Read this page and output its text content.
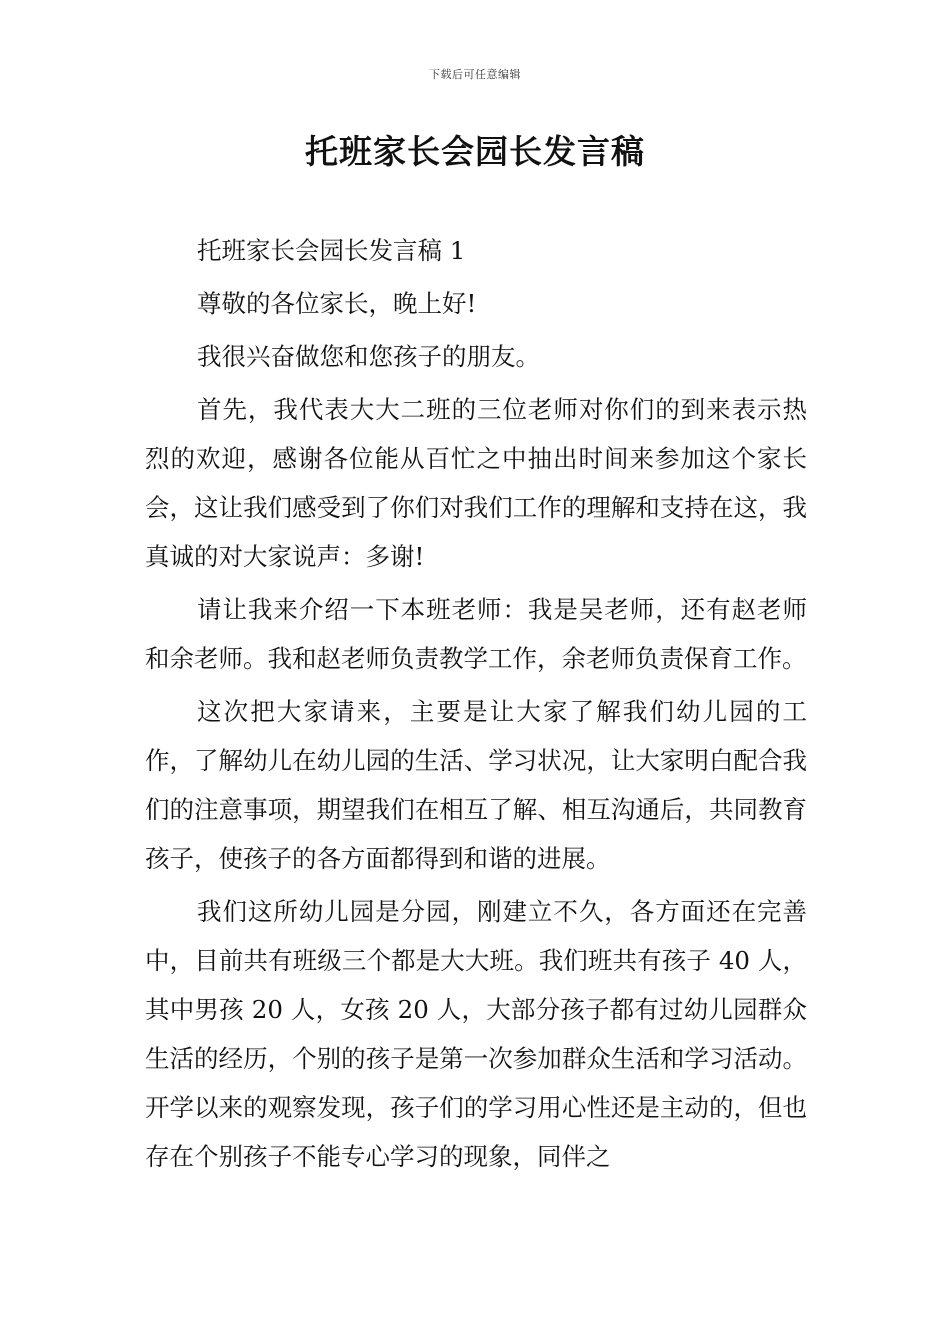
下载后可任意编辑
托班家长会园长发言稿

托班家长会园长发言稿 1

尊敬的各位家长，晚上好!

我很兴奋做您和您孩子的朋友。

首先，我代表大大二班的三位老师对你们的到来表示热烈的欢迎，感谢各位能从百忙之中抽出时间来参加这个家长会，这让我们感受到了你们对我们工作的理解和支持在这，我真诚的对大家说声：多谢!

请让我来介绍一下本班老师：我是吴老师，还有赵老师和余老师。我和赵老师负责教学工作，余老师负责保育工作。

这次把大家请来，主要是让大家了解我们幼儿园的工作，了解幼儿在幼儿园的生活、学习状况，让大家明白配合我们的注意事项，期望我们在相互了解、相互沟通后，共同教育孩子，使孩子的各方面都得到和谐的进展。

我们这所幼儿园是分园，刚建立不久，各方面还在完善中，目前共有班级三个都是大大班。我们班共有孩子 40 人，其中男孩 20 人，女孩 20 人，大部分孩子都有过幼儿园群众生活的经历，个别的孩子是第一次参加群众生活和学习活动。开学以来的观察发现，孩子们的学习用心性还是主动的，但也存在个别孩子不能专心学习的现象，同伴之
